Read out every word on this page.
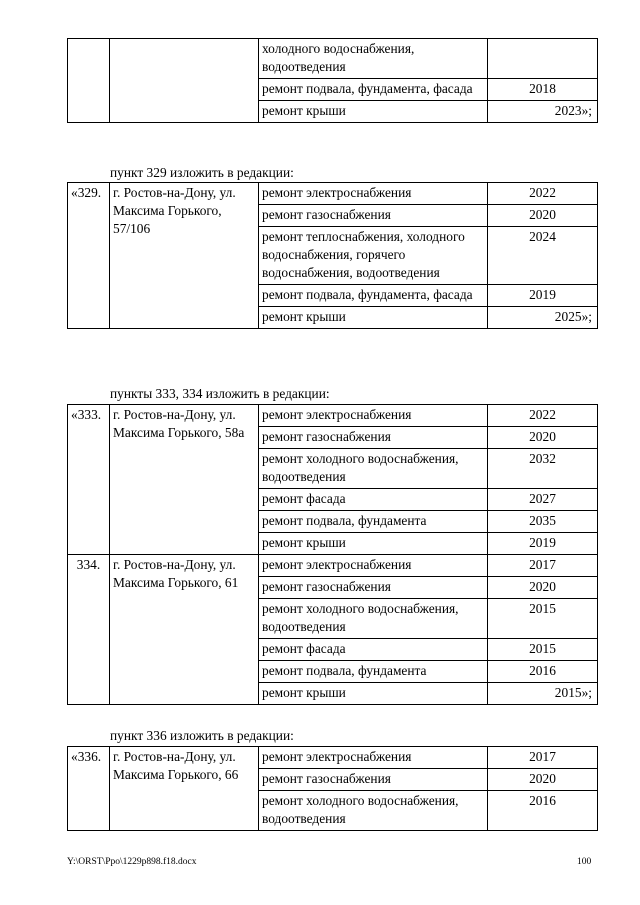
		холодного водоснабжения, водоотведения	
		ремонт подвала, фундамента, фасада	2018
		ремонт крыши	2023»;
пункт 329 изложить в редакции:
«329.	г. Ростов-на-Дону, ул. Максима Горького, 57/106	ремонт электроснабжения	2022
		ремонт газоснабжения	2020
		ремонт теплоснабжения, холодного водоснабжения, горячего водоснабжения, водоотведения	2024
		ремонт подвала, фундамента, фасада	2019
		ремонт крыши	2025»;
пункты 333, 334 изложить в редакции:
«333.	г. Ростов-на-Дону, ул. Максима Горького, 58а	ремонт электроснабжения	2022
		ремонт газоснабжения	2020
		ремонт холодного водоснабжения, водоотведения	2032
		ремонт фасада	2027
		ремонт подвала, фундамента	2035
		ремонт крыши	2019
334.	г. Ростов-на-Дону, ул. Максима Горького, 61	ремонт электроснабжения	2017
		ремонт газоснабжения	2020
		ремонт холодного водоснабжения, водоотведения	2015
		ремонт фасада	2015
		ремонт подвала, фундамента	2016
		ремонт крыши	2015»;
пункт 336 изложить в редакции:
«336.	г. Ростов-на-Дону, ул. Максима Горького, 66	ремонт электроснабжения	2017
		ремонт газоснабжения	2020
		ремонт холодного водоснабжения, водоотведения	2016
Y:\ORST\Ppo\1229p898.f18.docx	100
